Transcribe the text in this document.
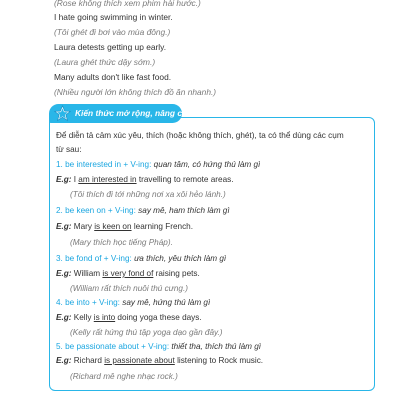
(Rose không thích xem phim hài hước.)
I hate going swimming in winter.
(Tôi ghét đi bơi vào mùa đông.)
Laura detests getting up early.
(Laura ghét thức dậy sớm.)
Many adults don't like fast food.
(Nhiều người lớn không thích đồ ăn nhanh.)
Kiến thức mở rộng, nâng cao
Để diễn tả cảm xúc yêu, thích (hoặc không thích, ghét), ta có thể dùng các cụm
từ sau:
1. be interested in + V-ing: quan tâm, có hứng thú làm gì
E.g: I am interested in travelling to remote areas.
(Tôi thích đi tới những nơi xa xôi hẻo lánh.)
2. be keen on + V-ing: say mê, ham thích làm gì
E.g: Mary is keen on learning French.
(Mary thích học tiếng Pháp).
3. be fond of + V-ing: ưa thích, yêu thích làm gì
E.g: William is very fond of raising pets.
(William rất thích nuôi thú cưng.)
4. be into + V-ing: say mê, hứng thú làm gì
E.g: Kelly is into doing yoga these days.
(Kelly rất hứng thú tập yoga dạo gần đây.)
5. be passionate about + V-ing: thiết tha, thích thú làm gì
E.g: Richard is passionate about listening to Rock music.
(Richard mê nghe nhạc rock.)
